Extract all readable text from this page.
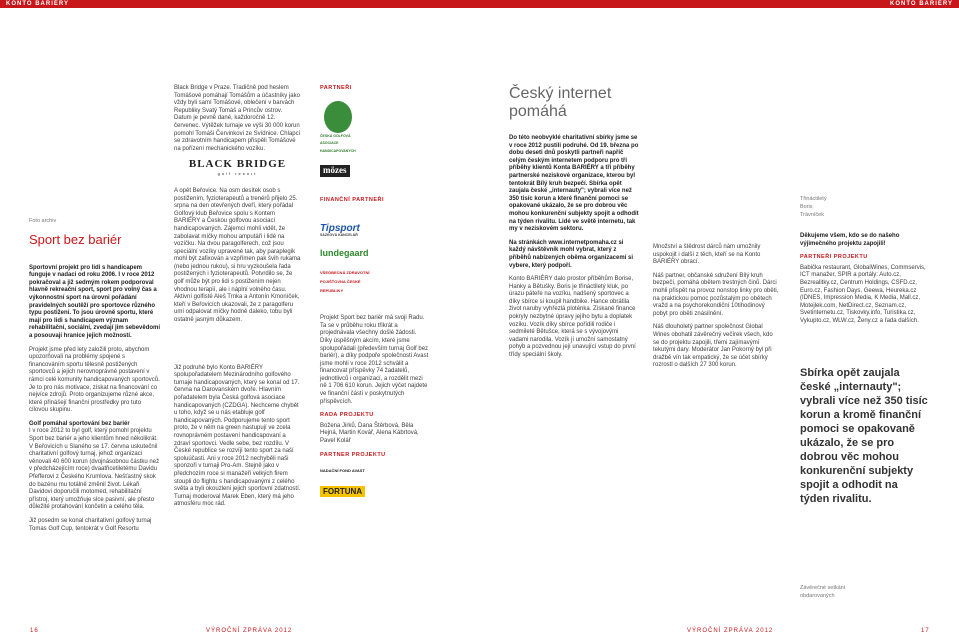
KONTO BARIÉRY	KONTO BARIÉRY
Foto archiv
Sport bez bariér

Sportovní projekt pro lidi s handicapem funguje v nadaci od roku 2006. I v roce 2012 pokračoval a již sedmým rokem podporoval hlavně rekreační sport, sport pro volný čas a výkonnostní sport na úrovni pořádání pravidelných soutěží pro sportovce různého typu postižení. To jsou úrovně sportu, které mají pro lidi s handicapem význam rehabilitační, sociální, zvedají jim sebevědomí a posouvají hranice jejich možností.

Projekt jsme před lety založili proto, abychom upozorňovali na problémy spojené s financováním sportu tělesně postižených sportovců a jejich nerovnoprávné postavení v rámci celé komunity handicapovaných sportovců. Je to pro nás motivace, získat na financování co nejvíce zdrojů. Proto organizujeme různé akce, které přinášejí finanční prostředky pro tuto cílovou skupinu.

Golf pomáhal sportování bez bariér

I v roce 2012 to byl golf, který pomohl projektu Sport bez bariér a jeho klientům hned několikrát. V Beřovicích u Slaného se 17. června uskutečnil charitativní golfový turnaj, jehož organizaci věnovali 40 600 korun (dvojnásobnou částku než v předcházejícím roce) dvaatřicetiletému Davidu Pfefferovi z Českého Krumlova. Nešťastný skok do bazénu mu totálně změnil život. Lékaři Davidovi doporučili motomed, rehabilitační přístroj, který umožňuje slce pasivní, ale přesto důležité protahování končetin a celého těla.

Již posedm se konal charitativní golfový turnaj Tomas Golf Cup, tentokrát v Golf Resortu

Black Bridge v Praze. Tradičně pod heslem Tomášové pomáhají Tomášům a účastníky jako vždy byli samí Tomášové, oblečení v barvách Republiky Svatý Tomáš a Princův ostrov. Datum je pevně dané, každoročně 12. červenec. Výtěžek turnaje ve výši 30 000 korun pomohl Tomáši Červinkovi ze Svídnice. Chlapci se zdravotním handicapem přispěli Tomášové na pořízení mechanického vozíku.

BLACK BRIDGE
golf resort

A opět Beřovice. Na osm desítek osob s postižením, fyzioterapeutů a trenérů přijelo 25. srpna na den otevřených dveří, který pořádal Golfový klub Beřovice spolu s Kontem BARIÉRY a Českou golfovou asociací handicapovaných. Zájemci mohli vidět, že zabolavat míčky mohou amputáři i lidé na vozíčku. Na dvou paragolferech, což jsou speciální vozíky upravené tak, aby paraplegik mohl být zafixován a vzpřímen pak švih rukama (nebo jednou rukou), si hru vyzkoušela řada postižených i fyzioterapeutů. Potvrdilo se, že golf může být pro lidi s postižením nejen vhodnou terapií, ale i náplní volného času. Aktivní golfisté Aleš Trnka a Antonín Kmoníček, kteří v Beřovicích ukazovali, že z paragolferu umí odpalovat míčky hodně daleko, tobu byli ostatně jasným důkazem.

Již podruhé bylo Konto BARIÉRY spolupořadatelem Mezinárodního golfového turnaje handicapovaných, který se konal od 17. června na Darovanském dvoře. Hlavním pořadatelem byla Česká golfová asociace handicapovaných (CZDGA). Nechceme chybět u toho, když se u nás etabluje golf handicapovaných. Podporujeme tento sport proto, že v něm na green nastupují ve zcela rovnoprávném postavení handicapovaní a zdraví sportovci. Vedle sebe, bez rozdílu. V České republice se rozvíjí tento sport za naší spoluúčasti. Ani v roce 2012 nechyběli naši sponzoři v turnaji Pro-Am. Stejně jako v předchozím roce si manažeři velkých firem stoupli do flightu s handicapovanými z celého světa a byli okouzleni jejich sportovní zdatností. Turnaj moderoval Marek Eben, který má jeho atmosféru moc rád.

PARTNEŘI
ČESKÁ GOLFOVÁ ASOCIACE HANDICAPOVANÝCH
mözes
FINANČNÍ PARTNEŘI
Tipsport
SÁZKOVÁ KANCELÁŘ
lundegaard
VŠEOBECNÁ ZDRAVOTNÍ POJIŠŤOVNA ČESKÉ REPUBLIKY

Projekt Sport bez bariér má svoji Radu. Ta se v průběhu roku třikrát a projednávala všechny došlé žádosti. Díky úspěšným akcím, které jsme spolupořádali (především turnaj Golf bez bariér), a díky podpoře společnosti Avast jsme mohli v roce 2012 schválit a financovat příspěvky 74 žadatelů, jednotlivců i organizací, a rozdělit mezi ně 1 706 610 korun. Jejich výčet najdete ve finanční části v poskytnutých příspěvcích.

RADA PROJEKTU

Božena Jirků, Dana Štěrbová, Běla Hejná, Martin Kovář, Alena Kábrtová, Pavel Kolář

PARTNER PROJEKTU
NADAČNÍ FOND AVAST
FORTUNA
Český internet pomáhá

Do této neobvyklé charitativní sbírky jsme se v roce 2012 pustili podruhé. Od 19. března po dobu deseti dnů poskytli partneři napříč celým českým internetem podporu pro tři příběhy klientů Konta BARIÉRY a tři příběhy partnerské neziskové organizace, kterou byl tentokrát Bílý kruh bezpečí. Sbírka opět zaujala české „internauty"; vybrali více než 350 tisíc korun a které finanční pomoci se opakované ukázalo, že se pro dobrou věc mohou konkurenční subjekty spojit a odhodit na týden rivalitu. Lidé ve světě internetu, tak my v neziskovém sektoru.

Na stránkách www.internetpomaha.cz si každý návštěvník mohl vybrat, který z příběhů nabízených oběma organizacemi si vybere, který podpoří.

Konto BARIÉRY dalo prostor příběhům Borise, Hanky a Bětušky. Boris je třináctiletý kluk, po úrazu páteře na vozíku, nadšený sportovec a díky sbírce si koupil handbike. Hance obrátila život naruby vyhřezlá ploténka. Získané finance pokryly nezbytné úpravy jejího bytu a doplatek vozíku. Vozík díky sbírce pořídili rodiče i sedmileté Bětušce, která se s vývojovými vadami narodila. Vozík jí umožní samostatný pohyb a pozvednou její unavující vstup do první třídy speciální školy.

Množství a štědrost dárců nám umožnily uspokojit i další z těch, kteří se na Konto BARIÉRY obrací.

Náš partner, občanské sdružení Bílý kruh bezpečí, pomáhá obětem trestných činů. Dárci mohli přispět na provoz nonstop linky pro oběti, na praktickou pomoc pozůstalým po obětech vražd a na psychorekondiční 10tihodinový pobyt pro oběti znásilnění.

Náš dlouholetý partner společnost Global Wines obohatil závěrečný večírek všech, kdo se do projektu zapojili, třemi zajímavými tekutými dary. Moderátor Jan Pokorný byl při dražbě vín tak empatický, že se účet sbírky rozrostl o dalších 27 300 korun.

Třináctiletý
Boris
Trávníček

Děkujeme všem, kdo se do našeho výjimečného projektu zapojili!

PARTNEŘI PROJEKTU

Babička restaurant, GlobalWines, Commservis, ICT manažer, SPIR a portály: Auto.cz, Bezrealitky.cz, Centrum Holdings, CSFD.cz, Euro.cz, Fashion Days, Geewa, Heureka.cz (IDNES, Impression Media, K Media, Mall.cz, Motejlek.com, NetDirect.cz, Seznam.cz, Svetinternetu.cz, Tiskovky.info, Turistika.cz, Vykupto.cz, WLW.cz, Ženy.cz a řada dalších.

Sbírka opět zaujala české „internauty"; vybrali více než 350 tisíc korun a kromě finanční pomoci se opakovaně ukázalo, že se pro dobrou věc mohou konkurenční subjekty spojit a odhodit na týden rivalitu.
Závěrečné setkání
obdarovaných
16	VÝROČNÍ ZPRÁVA 2012	VÝROČNÍ ZPRÁVA 2012	17
